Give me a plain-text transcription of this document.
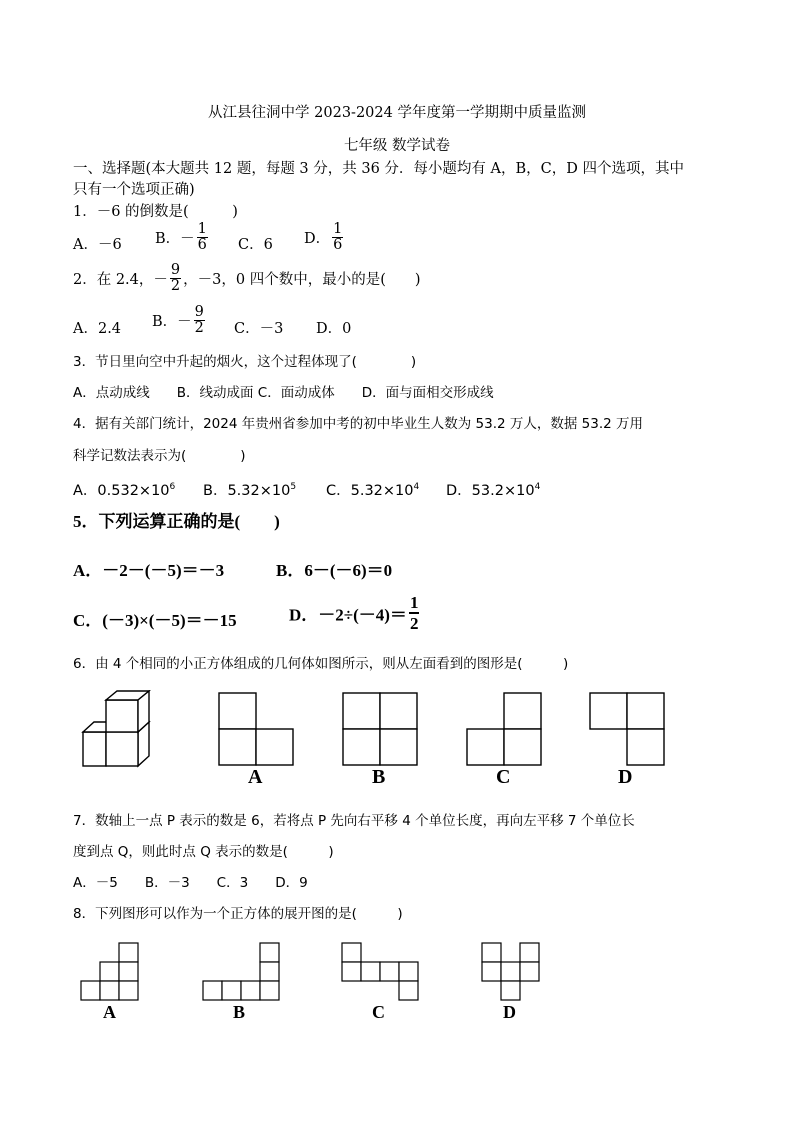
从江县往洞中学 2023-2024 学年度第一学期期中质量监测
七年级 数学试卷
一、选择题(本大题共 12 题，每题 3 分，共 36 分．每小题均有 A，B，C，D 四个选项，其中
只有一个选项正确)
1．－6 的倒数是(　　　)
A．－6 B．－ $\frac{1}{6}$ C．6 D． $\frac{1}{6}$
2．在 2.4，－ $\frac{9}{2}$ ，－3，0 四个数中，最小的是(　　)
A．2.4 B．－ $\frac{9}{2}$ C．－3 D．0
3．节日里向空中升起的烟火，这个过程体现了(　　　　)
A．点动成线　　B．线动成面 C．面动成体　　D．面与面相交形成线
4．据有关部门统计，2024 年贵州省参加中考的初中毕业生人数为 53.2 万人，数据 53.2 万用
科学记数法表示为(　　　　)
A．$0.532\times 10^6$ B．$5.32\times 10^5$ C．$5.32\times 10^4$ D．$53.2\times 10^4$
5．下列运算正确的是(　　)
A．－2－(－5)＝－3	B．6－(－6)＝0
C．(－3)×(－5)＝－15	D．$-2\div(-4)= \frac{1}{2}$
6．由 4 个相同的小正方体组成的几何体如图所示，则从左面看到的图形是(　　　)
A	B	C	D
7．数轴上一点 P 表示的数是 6，若将点 P 先向右平移 4 个单位长度，再向左平移 7 个单位长
度到点 Q，则此时点 Q 表示的数是(　　　)
A．－5　　B．－3　　C．3　　D．9
8．下列图形可以作为一个正方体的展开图的是(　　　)
A	B	C	D
